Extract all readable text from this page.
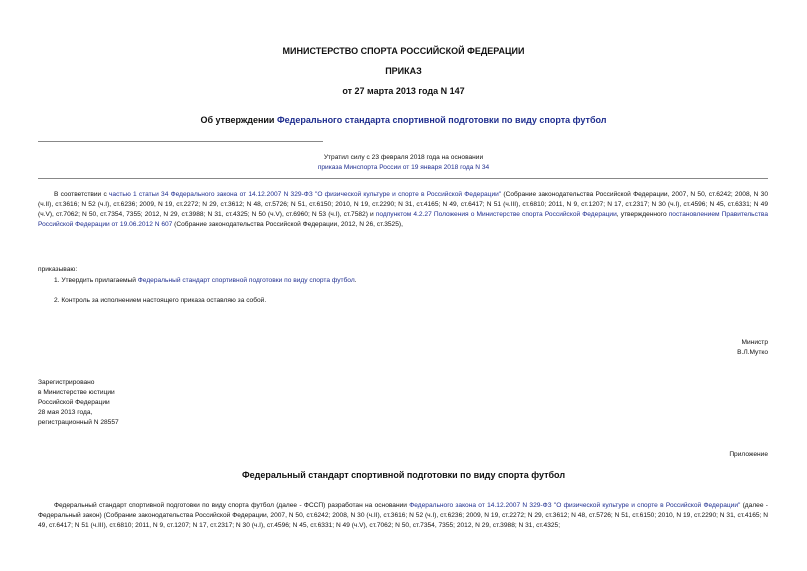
МИНИСТЕРСТВО СПОРТА РОССИЙСКОЙ ФЕДЕРАЦИИ
ПРИКАЗ
от 27 марта 2013 года N 147
Об утверждении Федерального стандарта спортивной подготовки по виду спорта футбол
Утратил силу с 23 февраля 2018 года на основании
приказа Минспорта России от 19 января 2018 года N 34
В соответствии с частью 1 статьи 34 Федерального закона от 14.12.2007 N 329-ФЗ "О физической культуре и спорте в Российской Федерации" (Собрание законодательства Российской Федерации, 2007, N 50, ст.6242; 2008, N 30 (ч.II), ст.3616; N 52 (ч.I), ст.6236; 2009, N 19, ст.2272; N 29, ст.3612; N 48, ст.5726; N 51, ст.6150; 2010, N 19, ст.2290; N 31, ст.4165; N 49, ст.6417; N 51 (ч.III), ст.6810; 2011, N 9, ст.1207; N 17, ст.2317; N 30 (ч.I), ст.4596; N 45, ст.6331; N 49 (ч.V), ст.7062; N 50, ст.7354, 7355; 2012, N 29, ст.3988; N 31, ст.4325; N 50 (ч.V), ст.6960; N 53 (ч.I), ст.7582) и подпунктом 4.2.27 Положения о Министерстве спорта Российской Федерации, утвержденного постановлением Правительства Российской Федерации от 19.06.2012 N 607 (Собрание законодательства Российской Федерации, 2012, N 26, ст.3525),
приказываю:
1. Утвердить прилагаемый Федеральный стандарт спортивной подготовки по виду спорта футбол.
2. Контроль за исполнением настоящего приказа оставляю за собой.
Министр
В.Л.Мутко
Зарегистрировано
в Министерстве юстиции
Российской Федерации
28 мая 2013 года,
регистрационный N 28557
Приложение
Федеральный стандарт спортивной подготовки по виду спорта футбол
Федеральный стандарт спортивной подготовки по виду спорта футбол (далее - ФССП) разработан на основании Федерального закона от 14.12.2007 N 329-ФЗ "О физической культуре и спорте в Российской Федерации" (далее - Федеральный закон) (Собрание законодательства Российской Федерации, 2007, N 50, ст.6242; 2008, N 30 (ч.II), ст.3616; N 52 (ч.I), ст.6236; 2009, N 19, ст.2272; N 29, ст.3612; N 48, ст.5726; N 51, ст.6150; 2010, N 19, ст.2290; N 31, ст.4165; N 49, ст.6417; N 51 (ч.III), ст.6810; 2011, N 9, ст.1207; N 17, ст.2317; N 30 (ч.I), ст.4596; N 45, ст.6331; N 49 (ч.V), ст.7062; N 50, ст.7354, 7355; 2012, N 29, ст.3988; N 31, ст.4325;
